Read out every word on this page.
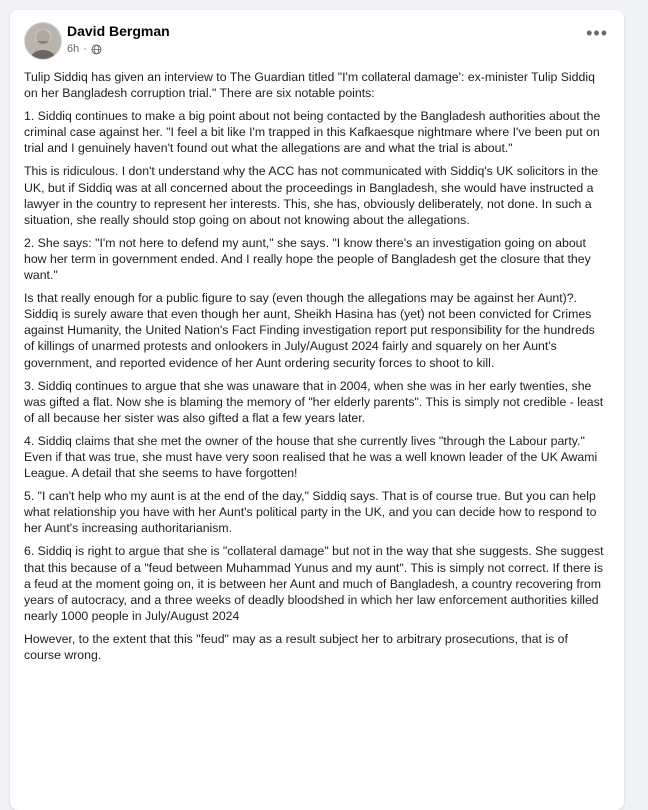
David Bergman
6h ·
•••

Tulip Siddiq has given an interview to The Guardian titled "I'm collateral damage': ex-minister Tulip Siddiq on her Bangladesh corruption trial." There are six notable points:

1. Siddiq continues to make a big point about not being contacted by the Bangladesh authorities about the criminal case against her. "I feel a bit like I'm trapped in this Kafkaesque nightmare where I've been put on trial and I genuinely haven't found out what the allegations are and what the trial is about."

This is ridiculous. I don't understand why the ACC has not communicated with Siddiq's UK solicitors in the UK, but if Siddiq was at all concerned about the proceedings in Bangladesh, she would have instructed a lawyer in the country to represent her interests. This, she has, obviously deliberately, not done. In such a situation, she really should stop going on about not knowing about the allegations.

2. She says: "I'm not here to defend my aunt," she says. "I know there's an investigation going on about how her term in government ended. And I really hope the people of Bangladesh get the closure that they want."

Is that really enough for a public figure to say (even though the allegations may be against her Aunt)?. Siddiq is surely aware that even though her aunt, Sheikh Hasina has (yet) not been convicted for Crimes against Humanity, the United Nation's Fact Finding investigation report put responsibility for the hundreds of killings of unarmed protests and onlookers in July/August 2024 fairly and squarely on her Aunt's government, and reported evidence of her Aunt ordering security forces to shoot to kill.

3. Siddiq continues to argue that she was unaware that in 2004, when she was in her early twenties, she was gifted a flat. Now she is blaming the memory of "her elderly parents". This is simply not credible - least of all because her sister was also gifted a flat a few years later.

4. Siddiq claims that she met the owner of the house that she currently lives "through the Labour party." Even if that was true, she must have very soon realised that he was a well known leader of the UK Awami League. A detail that she seems to have forgotten!

5. "I can't help who my aunt is at the end of the day," Siddiq says. That is of course true. But you can help what relationship you have with her Aunt's political party in the UK, and you can decide how to respond to her Aunt's increasing authoritarianism.

6. Siddiq is right to argue that she is "collateral damage" but not in the way that she suggests. She suggest that this because of a "feud between Muhammad Yunus and my aunt". This is simply not correct. If there is a feud at the moment going on, it is between her Aunt and much of Bangladesh, a country recovering from years of autocracy, and a three weeks of deadly bloodshed in which her law enforcement authorities killed nearly 1000 people in July/August 2024

However, to the extent that this "feud" may as a result subject her to arbitrary prosecutions, that is of course wrong.
